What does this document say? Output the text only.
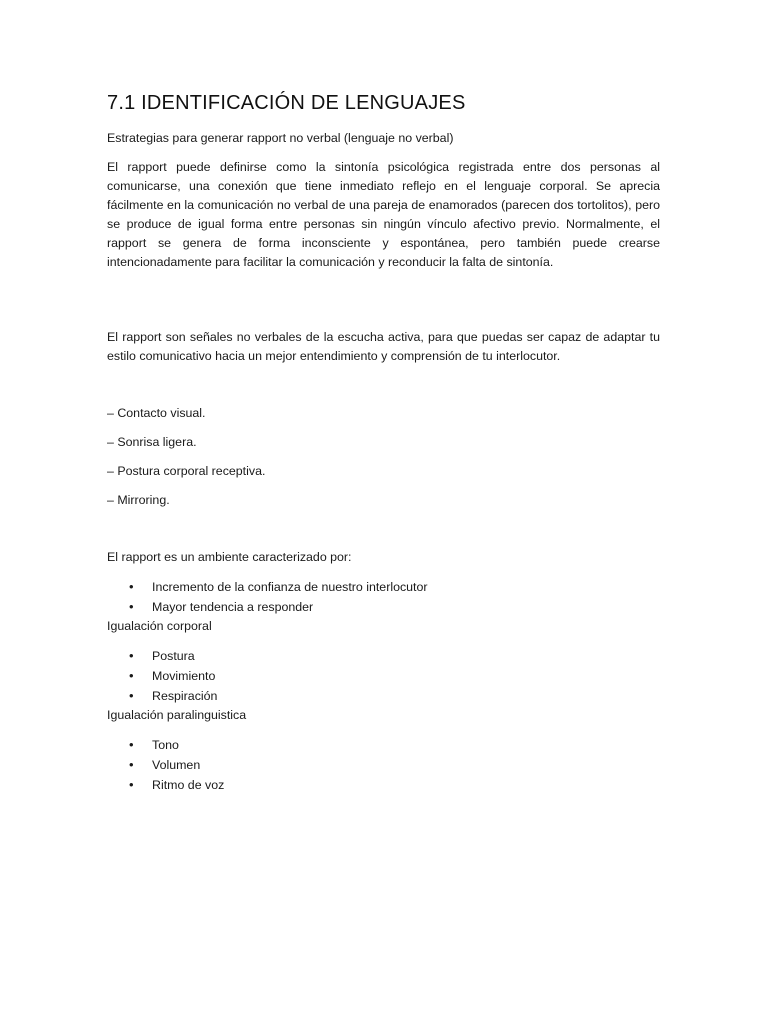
7.1 IDENTIFICACIÓN DE LENGUAJES

Estrategias para generar rapport no verbal (lenguaje no verbal)

El rapport puede definirse como la sintonía psicológica registrada entre dos personas al comunicarse, una conexión que tiene inmediato reflejo en el lenguaje corporal. Se aprecia fácilmente en la comunicación no verbal de una pareja de enamorados (parecen dos tortolitos), pero se produce de igual forma entre personas sin ningún vínculo afectivo previo. Normalmente, el rapport se genera de forma inconsciente y espontánea, pero también puede crearse intencionadamente para facilitar la comunicación y reconducir la falta de sintonía.

El rapport son señales no verbales de la escucha activa, para que puedas ser capaz de adaptar tu estilo comunicativo hacia un mejor entendimiento y comprensión de tu interlocutor.

– Contacto visual.

– Sonrisa ligera.

– Postura corporal receptiva.

– Mirroring.

El rapport es un ambiente caracterizado por:

• Incremento de la confianza de nuestro interlocutor
• Mayor tendencia a responder

Igualación corporal

• Postura
• Movimiento
• Respiración

Igualación paralinguistica

• Tono
• Volumen
• Ritmo de voz
